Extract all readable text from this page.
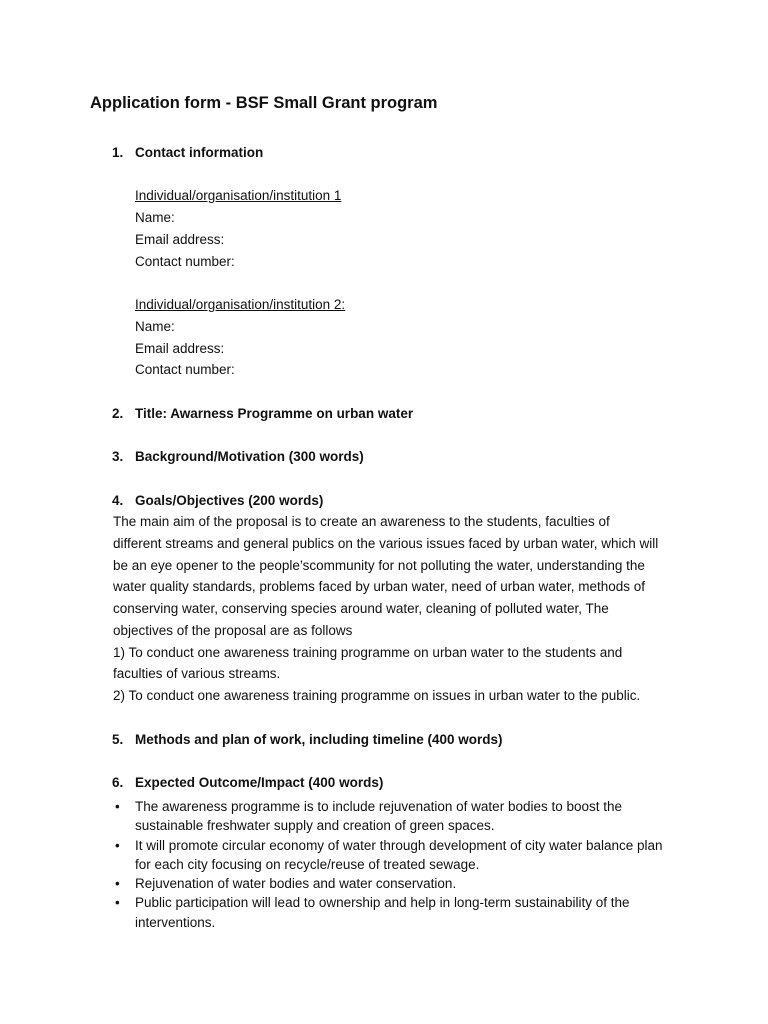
Application form - BSF Small Grant program
1. Contact information
Individual/organisation/institution 1
Name:
Email address:
Contact number:
Individual/organisation/institution 2:
Name:
Email address:
Contact number:
2. Title: Awarness Programme on urban water
3. Background/Motivation (300 words)
4. Goals/Objectives (200 words)
The main aim of the proposal is to create an awareness to the students, faculties of
different streams and general publics on the various issues faced by urban water, which will
be an eye opener to the people’scommunity for not polluting the water, understanding the
water quality standards, problems faced by urban water, need of urban water, methods of
conserving water, conserving species around water, cleaning of polluted water, The
objectives of the proposal are as follows
1) To conduct one awareness training programme on urban water to the students and
faculties of various streams.
2) To conduct one awareness training programme on issues in urban water to the public.
5. Methods and plan of work, including timeline (400 words)
6. Expected Outcome/Impact (400 words)
• The awareness programme is to include rejuvenation of water bodies to boost the sustainable freshwater supply and creation of green spaces.
• It will promote circular economy of water through development of city water balance plan for each city focusing on recycle/reuse of treated sewage.
• Rejuvenation of water bodies and water conservation.
• Public participation will lead to ownership and help in long-term sustainability of the interventions.
